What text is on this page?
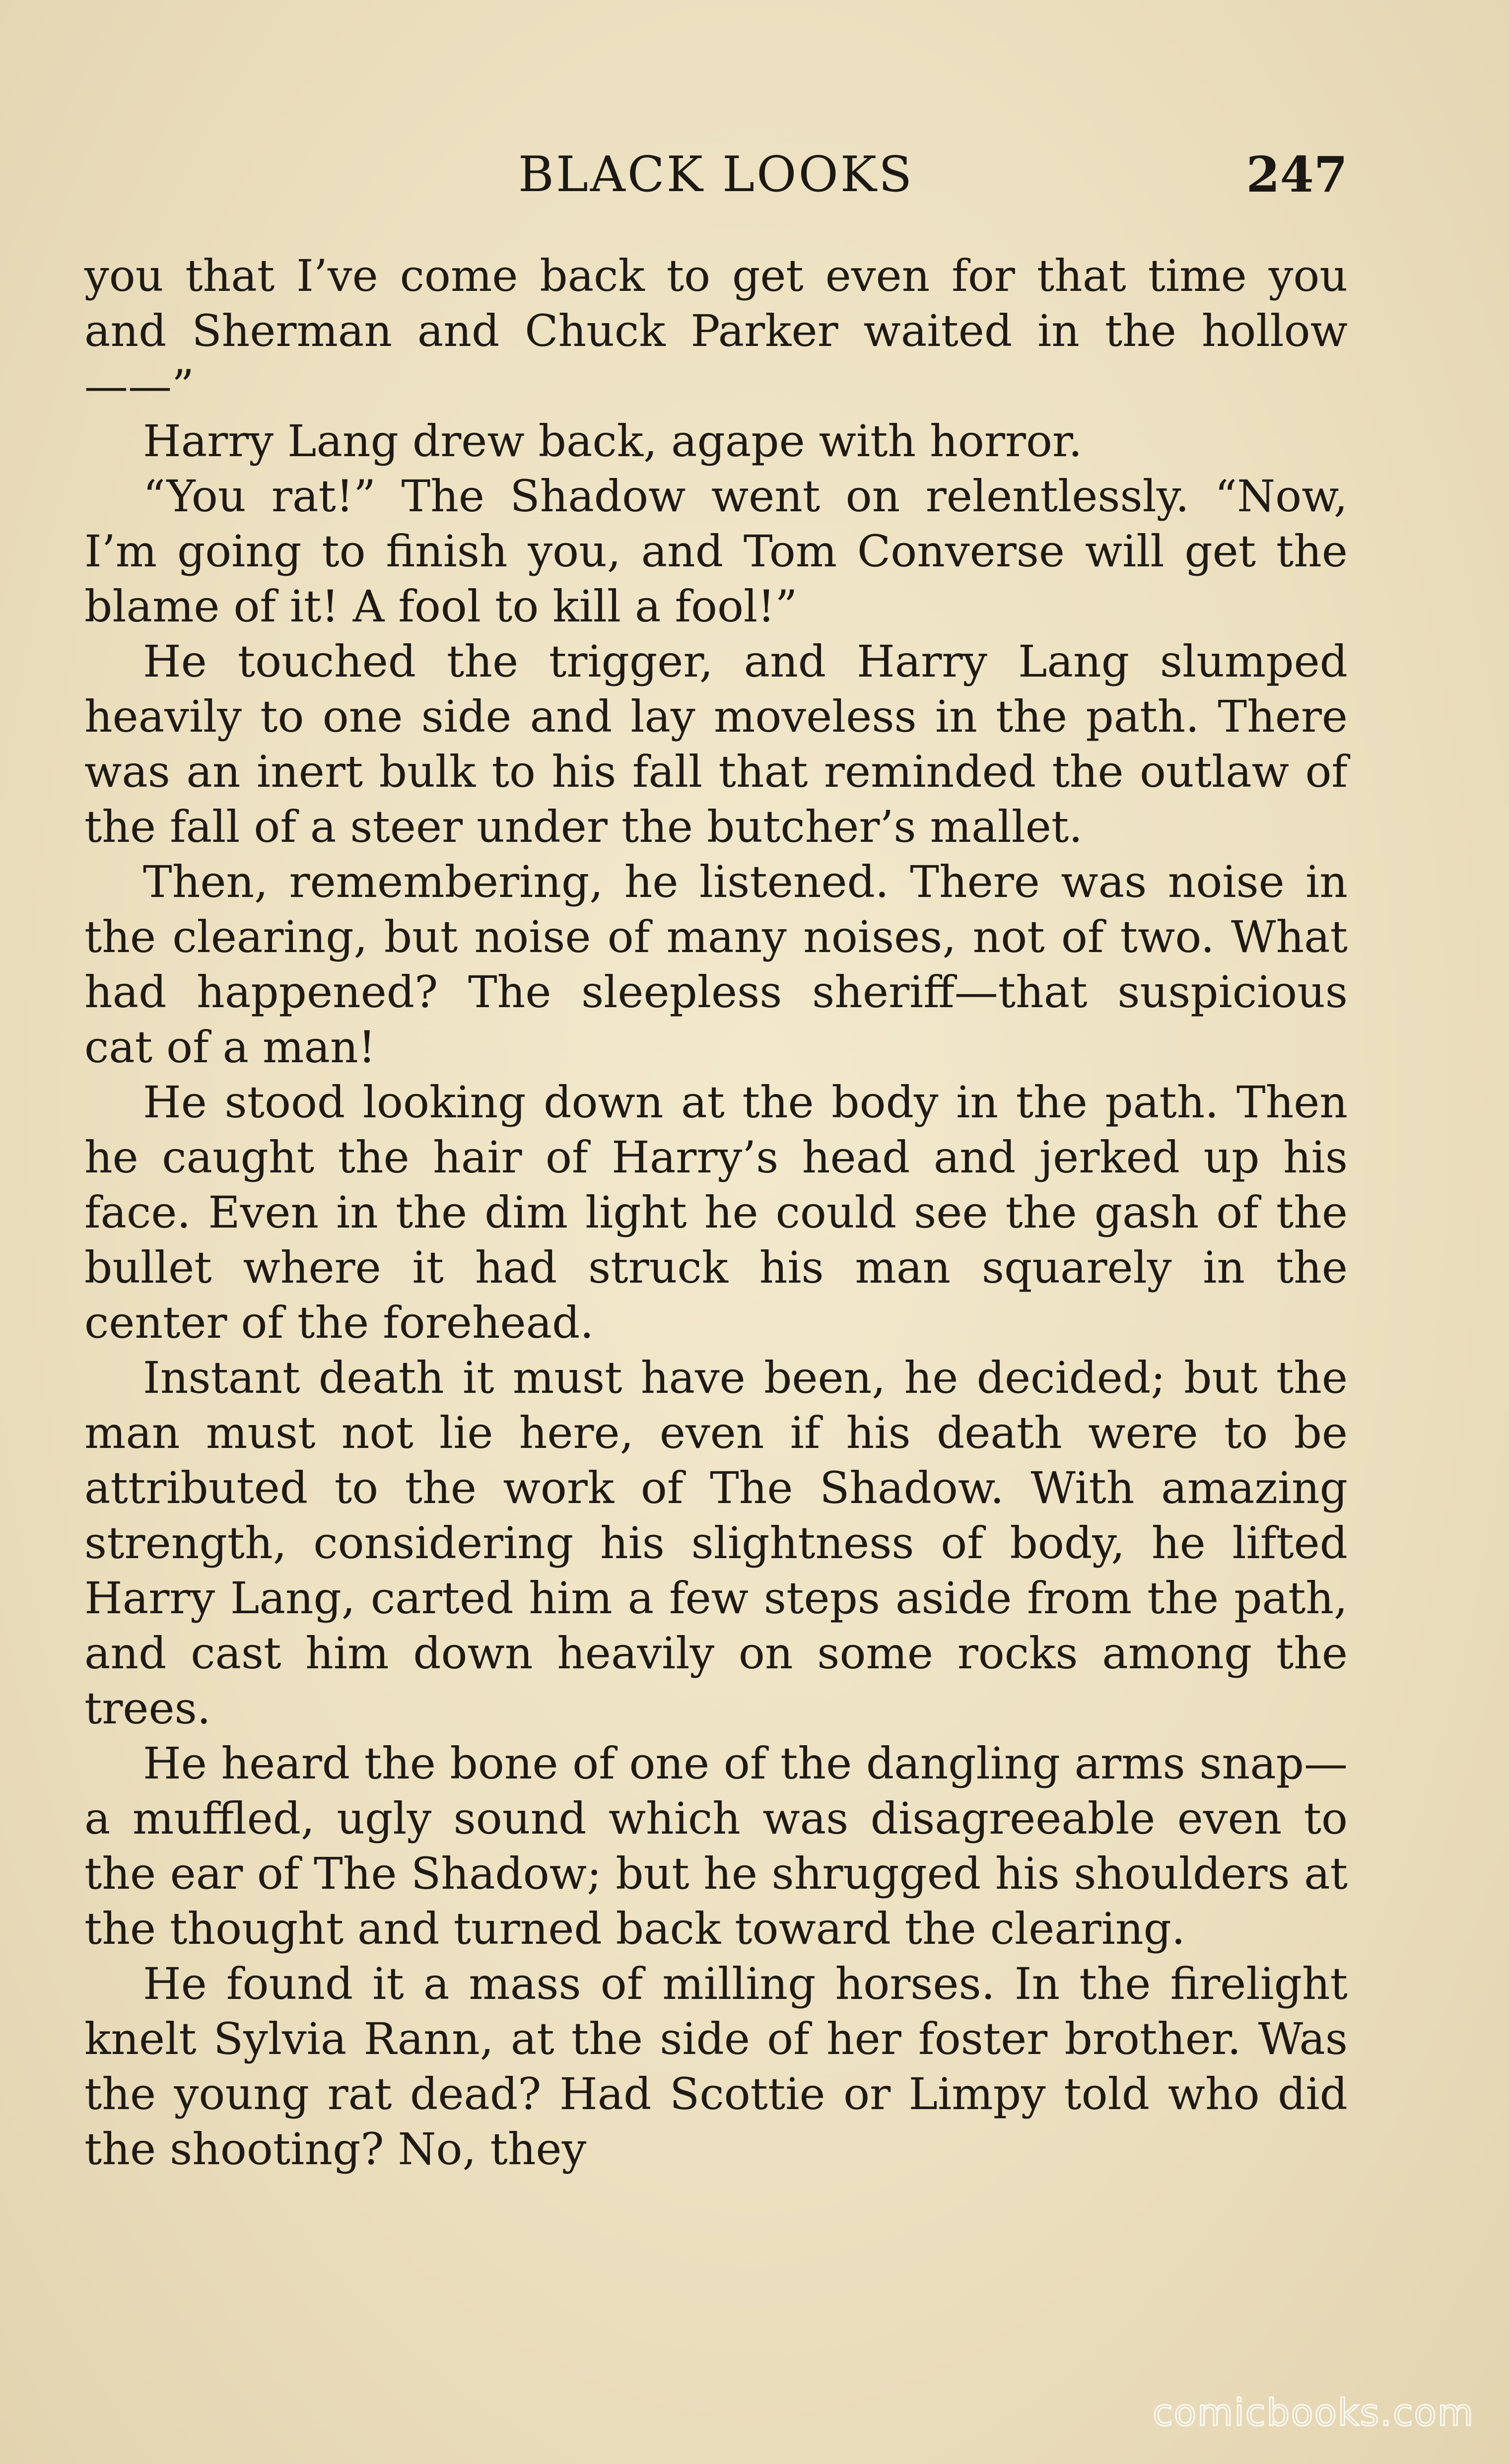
BLACK LOOKS	247

you that I’ve come back to get even for that time you and Sherman and Chuck Parker waited in the hollow——”

Harry Lang drew back, agape with horror.

“You rat!” The Shadow went on relentlessly. “Now, I’m going to finish you, and Tom Converse will get the blame of it! A fool to kill a fool!”

He touched the trigger, and Harry Lang slumped heavily to one side and lay moveless in the path. There was an inert bulk to his fall that reminded the outlaw of the fall of a steer under the butcher’s mallet.

Then, remembering, he listened. There was noise in the clearing, but noise of many noises, not of two. What had happened? The sleepless sheriff—that suspicious cat of a man!

He stood looking down at the body in the path. Then he caught the hair of Harry’s head and jerked up his face. Even in the dim light he could see the gash of the bullet where it had struck his man squarely in the center of the forehead.

Instant death it must have been, he decided; but the man must not lie here, even if his death were to be attributed to the work of The Shadow. With amazing strength, considering his slightness of body, he lifted Harry Lang, carted him a few steps aside from the path, and cast him down heavily on some rocks among the trees.

He heard the bone of one of the dangling arms snap—a muffled, ugly sound which was disagreeable even to the ear of The Shadow; but he shrugged his shoulders at the thought and turned back toward the clearing.

He found it a mass of milling horses. In the firelight knelt Sylvia Rann, at the side of her foster brother. Was the young rat dead? Had Scottie or Limpy told who did the shooting? No, they

comicbooks.com
